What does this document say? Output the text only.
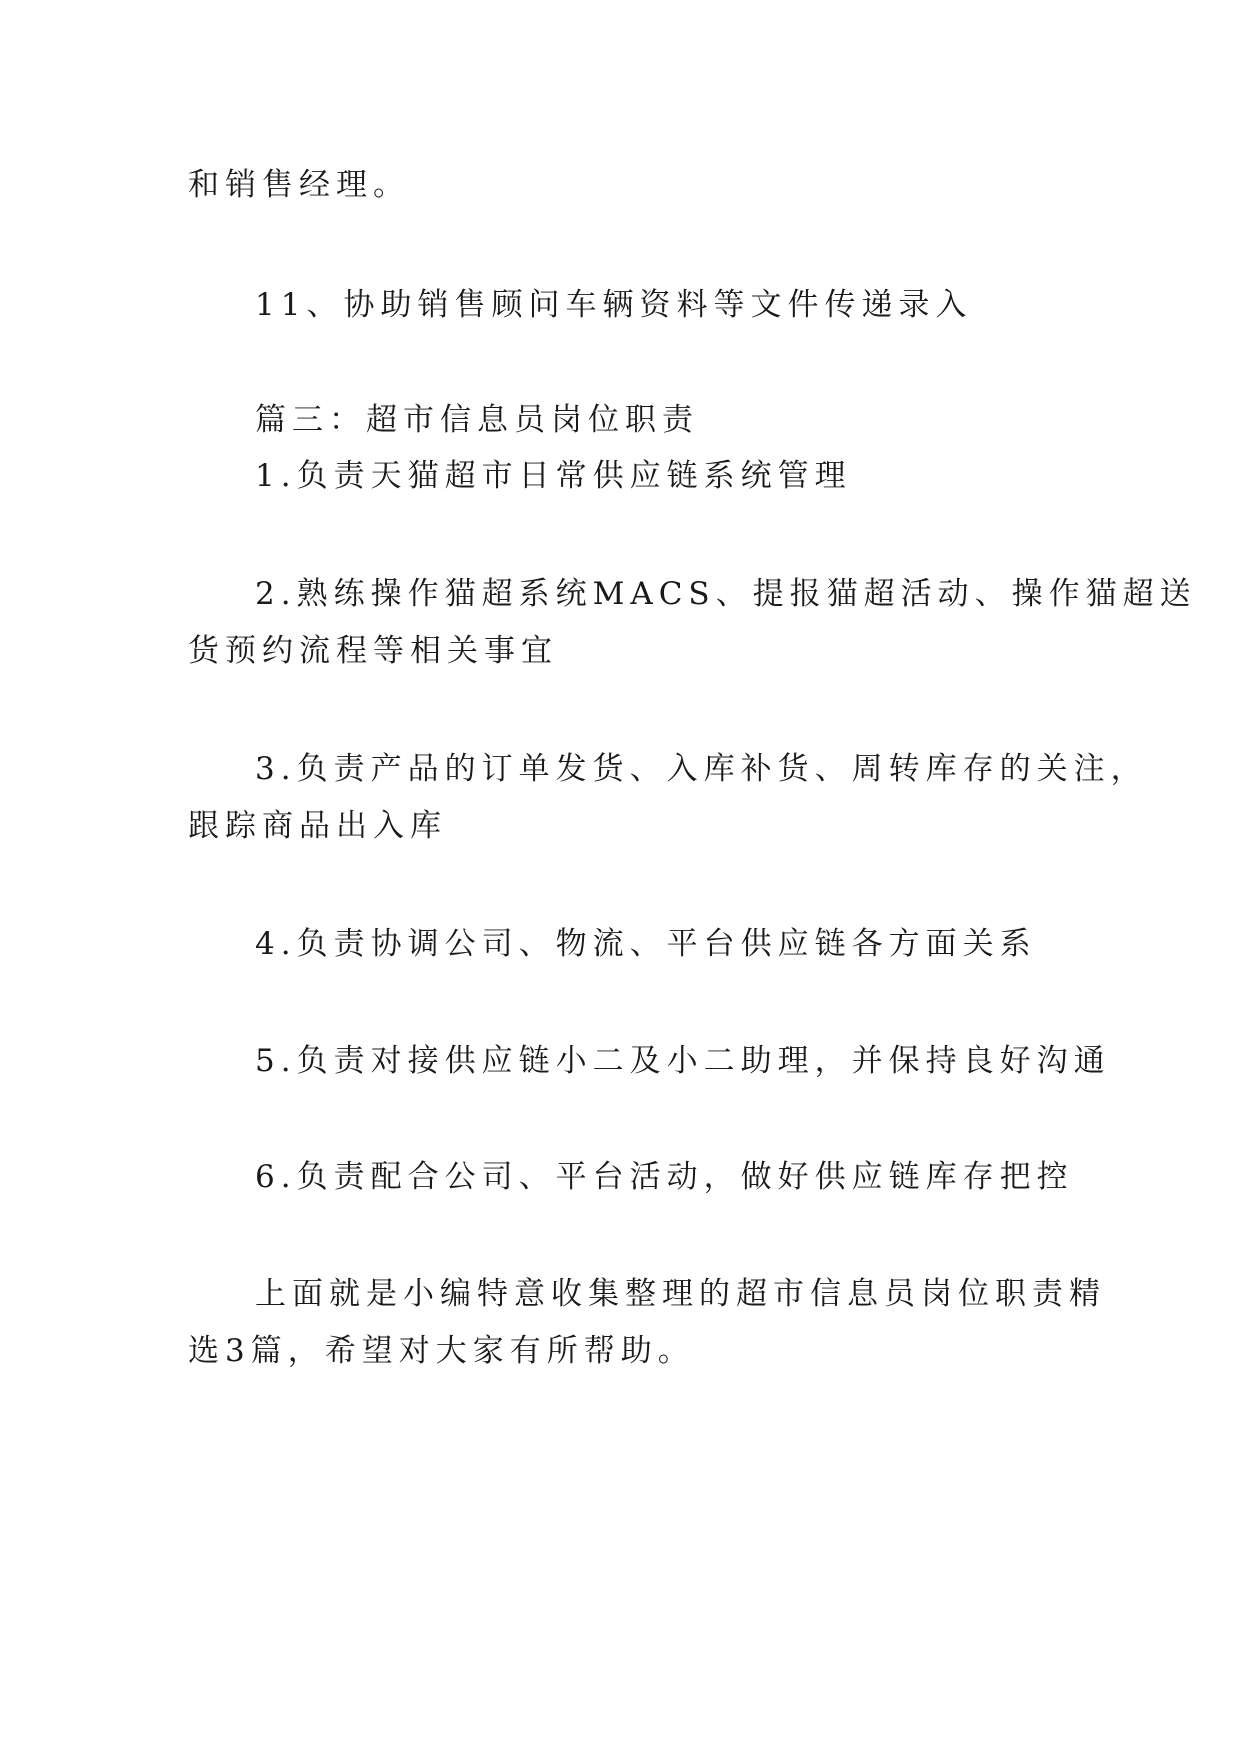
和销售经理。

11、协助销售顾问车辆资料等文件传递录入

篇三：超市信息员岗位职责

1.负责天猫超市日常供应链系统管理

2.熟练操作猫超系统MACS、提报猫超活动、操作猫超送

货预约流程等相关事宜

3.负责产品的订单发货、入库补货、周转库存的关注，

跟踪商品出入库

4.负责协调公司、物流、平台供应链各方面关系

5.负责对接供应链小二及小二助理，并保持良好沟通

6.负责配合公司、平台活动，做好供应链库存把控

上面就是小编特意收集整理的超市信息员岗位职责精

选3篇，希望对大家有所帮助。
